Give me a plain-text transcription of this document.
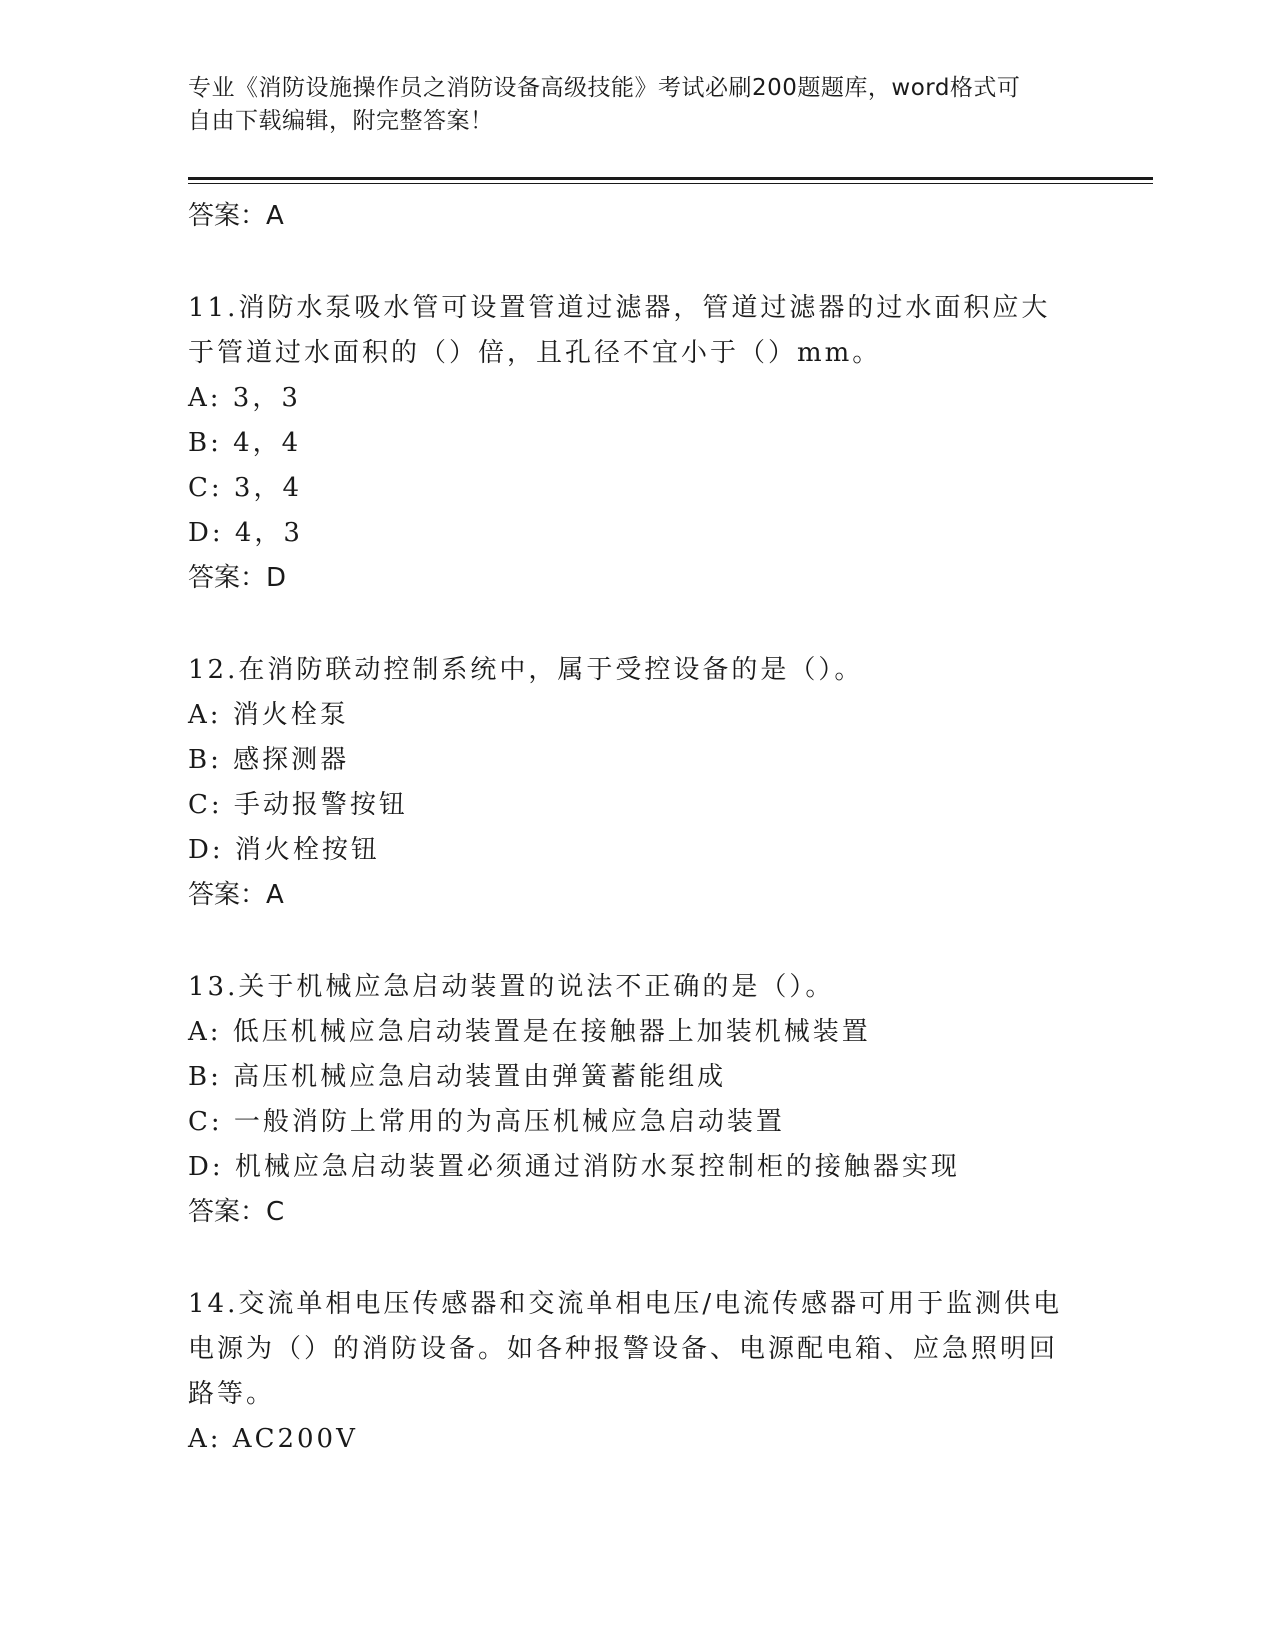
专业《消防设施操作员之消防设备高级技能》考试必刷200题题库，word格式可
自由下载编辑，附完整答案！
答案：A
11.消防水泵吸水管可设置管道过滤器，管道过滤器的过水面积应大于管道过水面积的（）倍，且孔径不宜小于（）mm。
A: 3，3
B: 4，4
C: 3，4
D: 4，3
答案：D
12.在消防联动控制系统中，属于受控设备的是（）。
A: 消火栓泵
B: 感探测器
C: 手动报警按钮
D: 消火栓按钮
答案：A
13.关于机械应急启动装置的说法不正确的是（）。
A: 低压机械应急启动装置是在接触器上加装机械装置
B: 高压机械应急启动装置由弹簧蓄能组成
C: 一般消防上常用的为高压机械应急启动装置
D: 机械应急启动装置必须通过消防水泵控制柜的接触器实现
答案：C
14.交流单相电压传感器和交流单相电压/电流传感器可用于监测供电电源为（）的消防设备。如各种报警设备、电源配电箱、应急照明回路等。
A: AC200V
